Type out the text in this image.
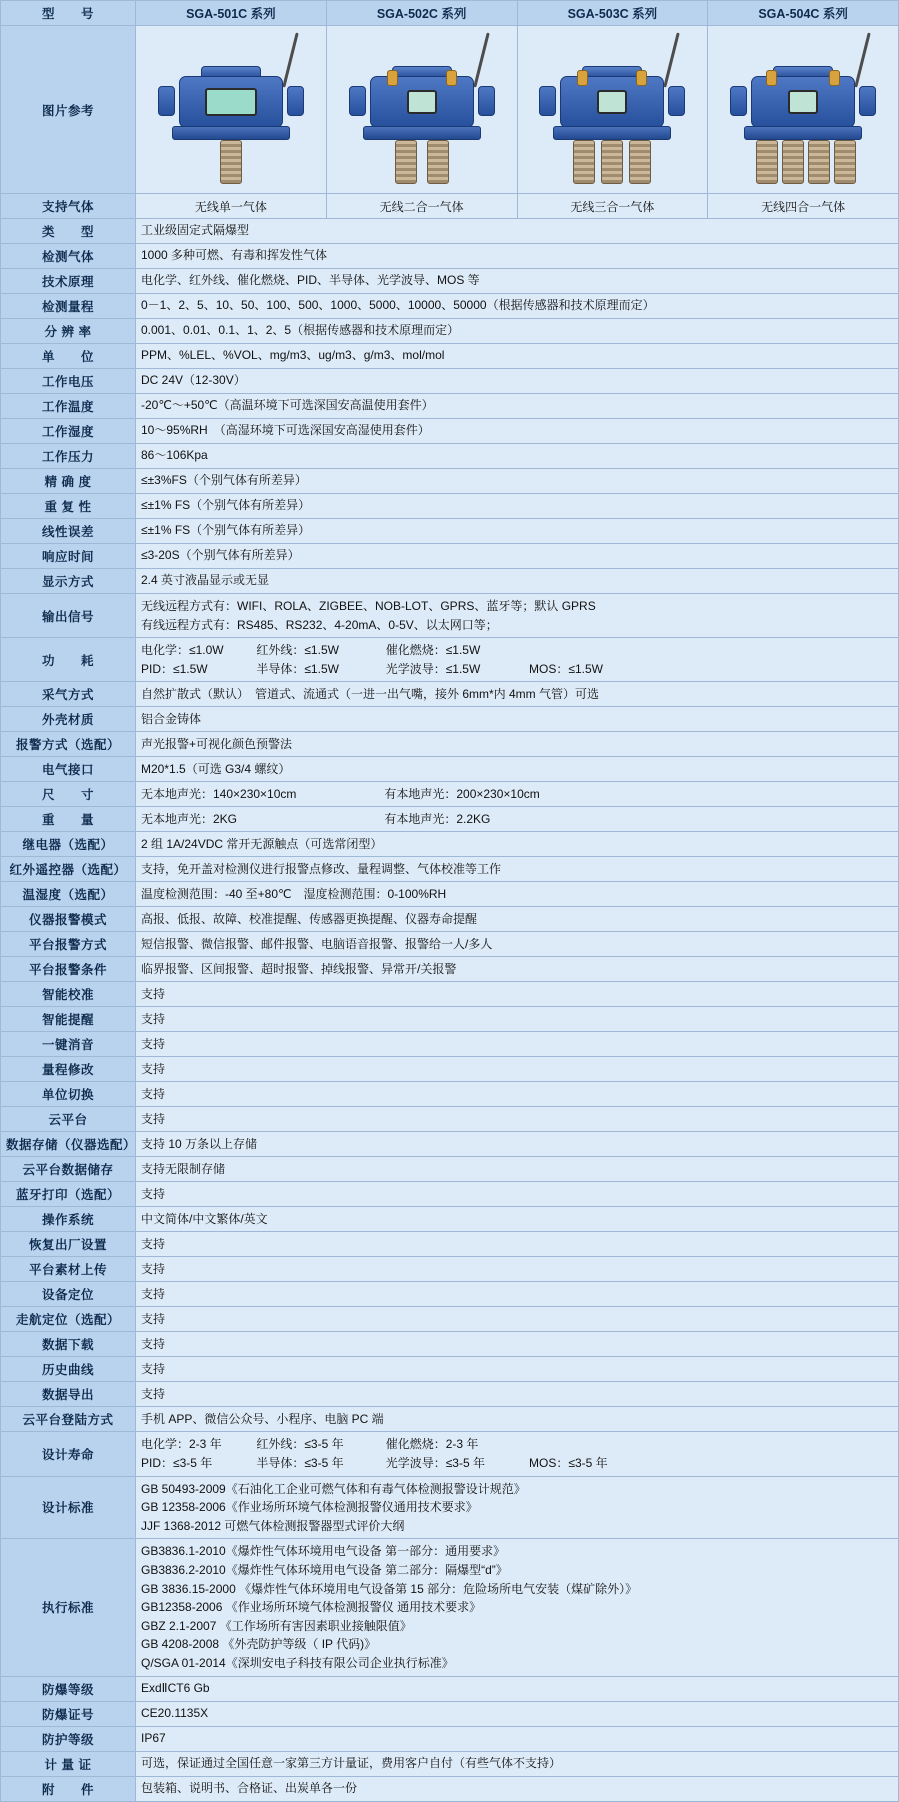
型　　号	SGA-501C 系列	SGA-502C 系列	SGA-503C 系列	SGA-504C 系列
图片参考	

支持气体	无线单一气体	无线二合一气体	无线三合一气体	无线四合一气体
类　　型	工业级固定式隔爆型			
检测气体	1000 多种可燃、有毒和挥发性气体			
技术原理	电化学、红外线、催化燃烧、PID、半导体、光学波导、MOS 等			
检测量程	0－1、2、5、10、50、100、500、1000、5000、10000、50000（根据传感器和技术原理而定）			
分 辨 率	0.001、0.01、0.1、1、2、5（根据传感器和技术原理而定）			
单　　位	PPM、%LEL、%VOL、mg/m3、ug/m3、g/m3、mol/mol			
工作电压	DC 24V（12-30V）			
工作温度	-20℃～+50℃（高温环境下可选深国安高温使用套件）			
工作湿度	10～95%RH　（高湿环境下可选深国安高湿使用套件）			
工作压力	86～106Kpa			
精 确 度	≤±3%FS（个别气体有所差异）			
重 复 性	≤±1% FS（个别气体有所差异）			
线性误差	≤±1% FS（个别气体有所差异）			
响应时间	≤3-20S（个别气体有所差异）			
显示方式	2.4 英寸液晶显示或无显			
输出信号	无线远程方式有：WIFI、ROLA、ZIGBEE、NOB-LOT、GPRS、蓝牙等；默认 GPRS
有线远程方式有：RS485、RS232、4-20mA、0-5V、以太网口等；			

功　　耗	电化学：≤1.0W 红外线：≤1.5W 催化燃烧：≤1.5W
PID：≤1.5W 半导体：≤1.5W 光学波导：≤1.5W MOS：≤1.5W			

采气方式	自然扩散式（默认）　管道式、流通式（一进一出气嘴，接外 6mm*内 4mm 气管）可选			
外壳材质	铝合金铸体			
报警方式（选配）	声光报警+可视化颜色预警法			
电气接口	M20*1.5（可选 G3/4 螺纹）			
尺　　寸	无本地声光：140×230×10cm 有本地声光：200×230×10cm			
重　　量	无本地声光：2KG 有本地声光：2.2KG			
继电器（选配）	2 组 1A/24VDC 常开无源触点（可选常闭型）			
红外遥控器（选配）	支持，免开盖对检测仪进行报警点修改、量程调整、气体校准等工作			
温湿度（选配）	温度检测范围：-40 至+80℃　湿度检测范围：0-100%RH			
仪器报警模式	高报、低报、故障、校准提醒、传感器更换提醒、仪器寿命提醒			
平台报警方式	短信报警、微信报警、邮件报警、电脑语音报警、报警给一人/多人			
平台报警条件	临界报警、区间报警、超时报警、掉线报警、异常开/关报警			
智能校准	支持			
智能提醒	支持			
一键消音	支持			
量程修改	支持			
单位切换	支持			
云平台	支持			
数据存储（仪器选配）	支持 10 万条以上存储			
云平台数据储存	支持无限制存储			
蓝牙打印（选配）	支持			
操作系统	中文简体/中文繁体/英文			
恢复出厂设置	支持			
平台素材上传	支持			
设备定位	支持			
走航定位（选配）	支持			
数据下载	支持			
历史曲线	支持			
数据导出	支持			
云平台登陆方式	手机 APP、微信公众号、小程序、电脑 PC 端			
设计寿命	电化学：2-3 年 红外线：≤3-5 年 催化燃烧：2-3 年
PID：≤3-5 年 半导体：≤3-5 年 光学波导：≤3-5 年 MOS：≤3-5 年			

设计标准	GB 50493-2009《石油化工企业可燃气体和有毒气体检测报警设计规范》
GB 12358-2006《作业场所环境气体检测报警仪通用技术要求》
JJF 1368-2012 可燃气体检测报警器型式评价大纲			

执行标准	
GB3836.1-2010《爆炸性气体环境用电气设备 第一部分：通用要求》
GB3836.2-2010《爆炸性气体环境用电气设备 第二部分：隔爆型“d”》
GB 3836.15-2000 《爆炸性气体环境用电气设备第 15 部分：危险场所电气安装（煤矿除外）》
GB12358-2006 《作业场所环境气体检测报警仪 通用技术要求》
GBZ 2.1-2007 《工作场所有害因素职业接触限值》
GB 4208-2008 《外壳防护等级（ IP 代码)》
Q/SGA 01-2014《深圳安电子科技有限公司企业执行标准》

防爆等级	ExdⅡCT6 Gb			
防爆证号	CE20.1135X			
防护等级	IP67			
计 量 证	可选，保证通过全国任意一家第三方计量证，费用客户自付（有些气体不支持）			
附　　件	包装箱、说明书、合格证、出炭单各一份			
